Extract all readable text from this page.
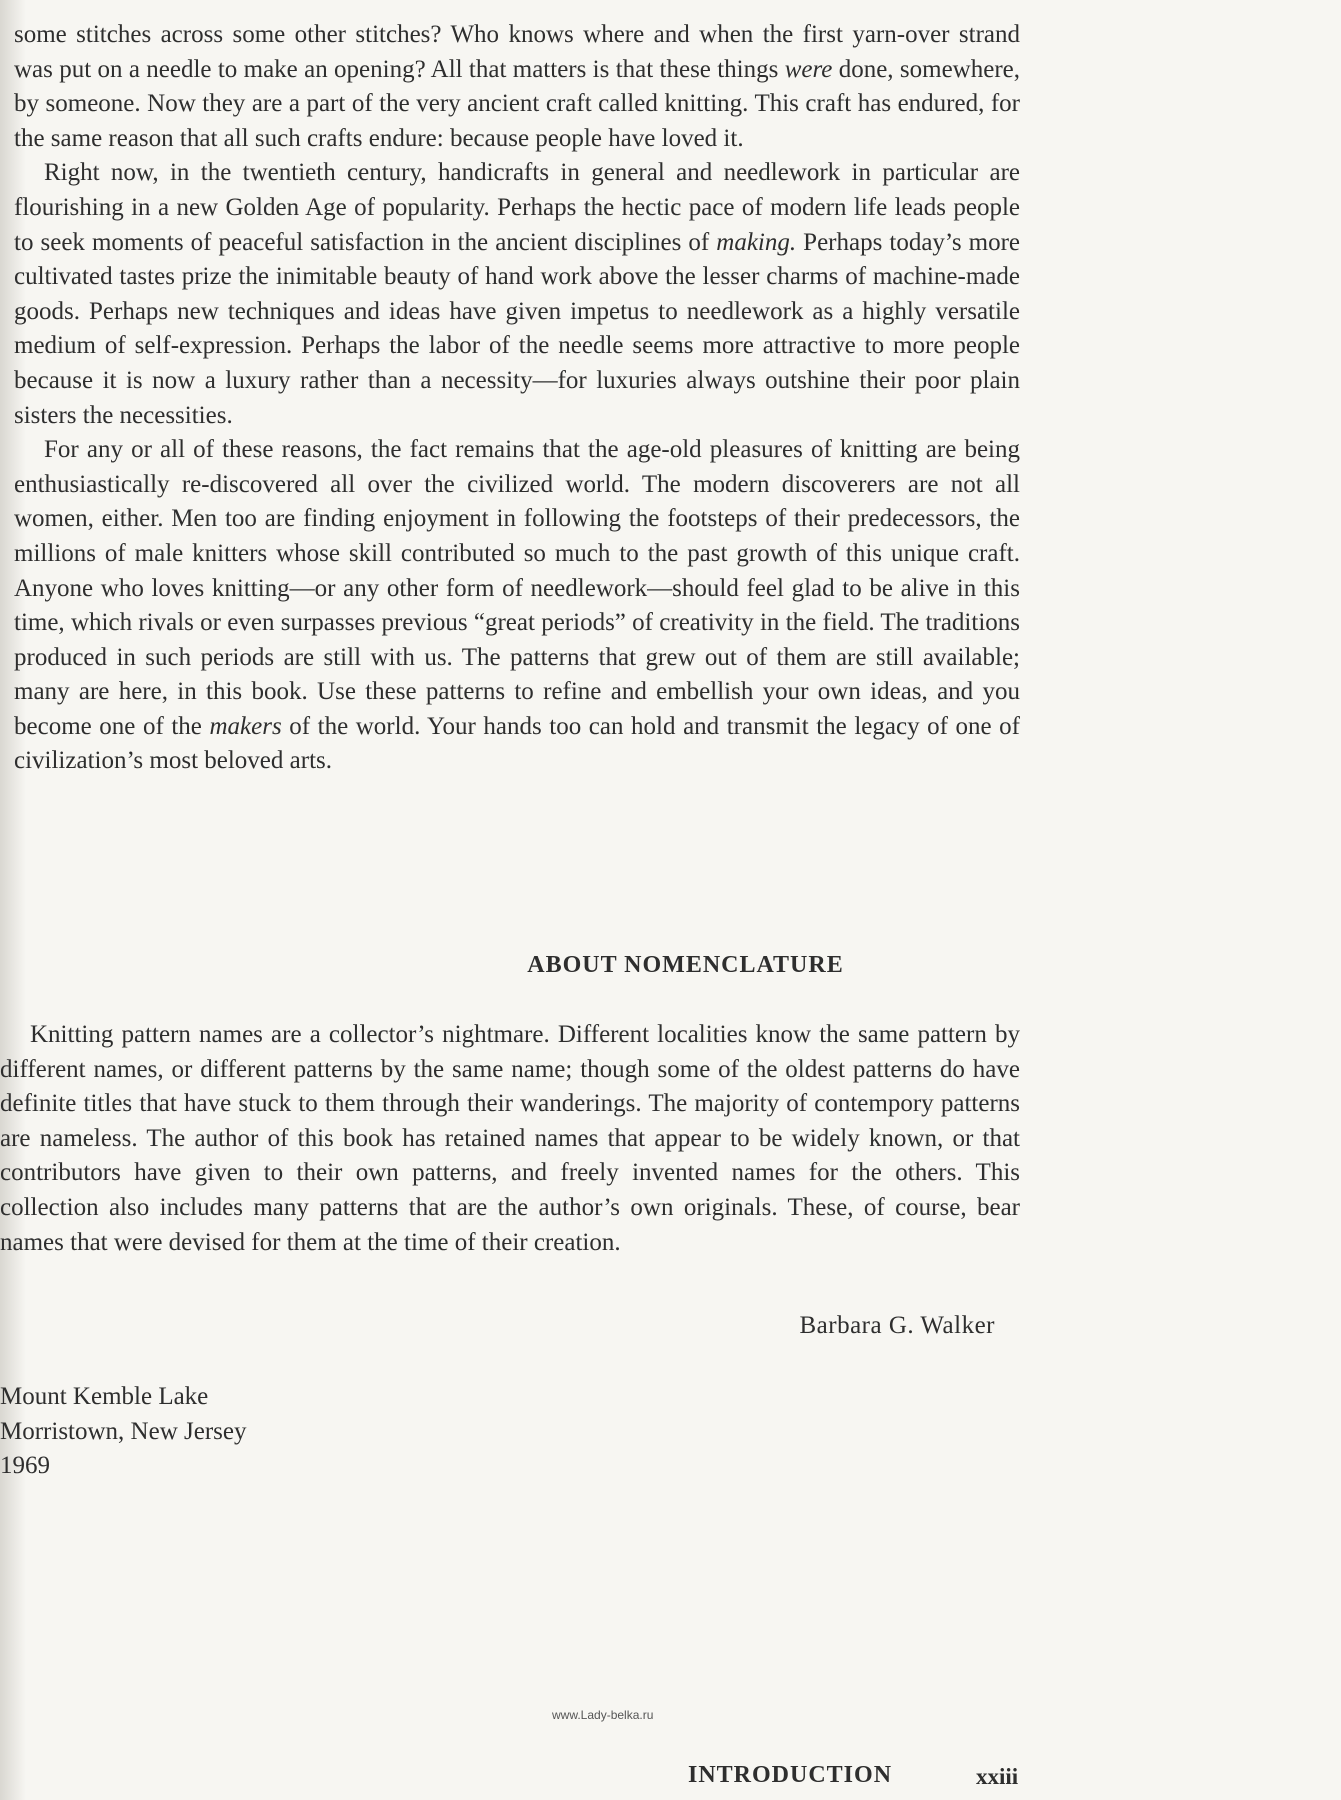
some stitches across some other stitches? Who knows where and when the first yarn-over strand was put on a needle to make an opening? All that matters is that these things were done, somewhere, by someone. Now they are a part of the very ancient craft called knitting. This craft has endured, for the same reason that all such crafts endure: because people have loved it.

Right now, in the twentieth century, handicrafts in general and needlework in particular are flourishing in a new Golden Age of popularity. Perhaps the hectic pace of modern life leads people to seek moments of peaceful satisfaction in the ancient disciplines of making. Perhaps today’s more cultivated tastes prize the inimitable beauty of hand work above the lesser charms of machine-made goods. Perhaps new techniques and ideas have given impetus to needlework as a highly versatile medium of self-expression. Perhaps the labor of the needle seems more attractive to more people because it is now a luxury rather than a necessity—for luxuries always outshine their poor plain sisters the necessities.

For any or all of these reasons, the fact remains that the age-old pleasures of knitting are being enthusiastically re-discovered all over the civilized world. The modern discoverers are not all women, either. Men too are finding enjoyment in following the footsteps of their predecessors, the millions of male knitters whose skill contributed so much to the past growth of this unique craft. Anyone who loves knitting—or any other form of needlework—should feel glad to be alive in this time, which rivals or even surpasses previous “great periods” of creativity in the field. The traditions produced in such periods are still with us. The patterns that grew out of them are still available; many are here, in this book. Use these patterns to refine and embellish your own ideas, and you become one of the makers of the world. Your hands too can hold and transmit the legacy of one of civilization’s most beloved arts.

ABOUT NOMENCLATURE

Knitting pattern names are a collector’s nightmare. Different localities know the same pattern by different names, or different patterns by the same name; though some of the oldest patterns do have definite titles that have stuck to them through their wanderings. The majority of contempory patterns are nameless. The author of this book has retained names that appear to be widely known, or that contributors have given to their own patterns, and freely invented names for the others. This collection also includes many patterns that are the author’s own originals. These, of course, bear names that were devised for them at the time of their creation.

Barbara G. Walker

Mount Kemble Lake
Morristown, New Jersey
1969

www.Lady-belka.ru

INTRODUCTION	xxiii
